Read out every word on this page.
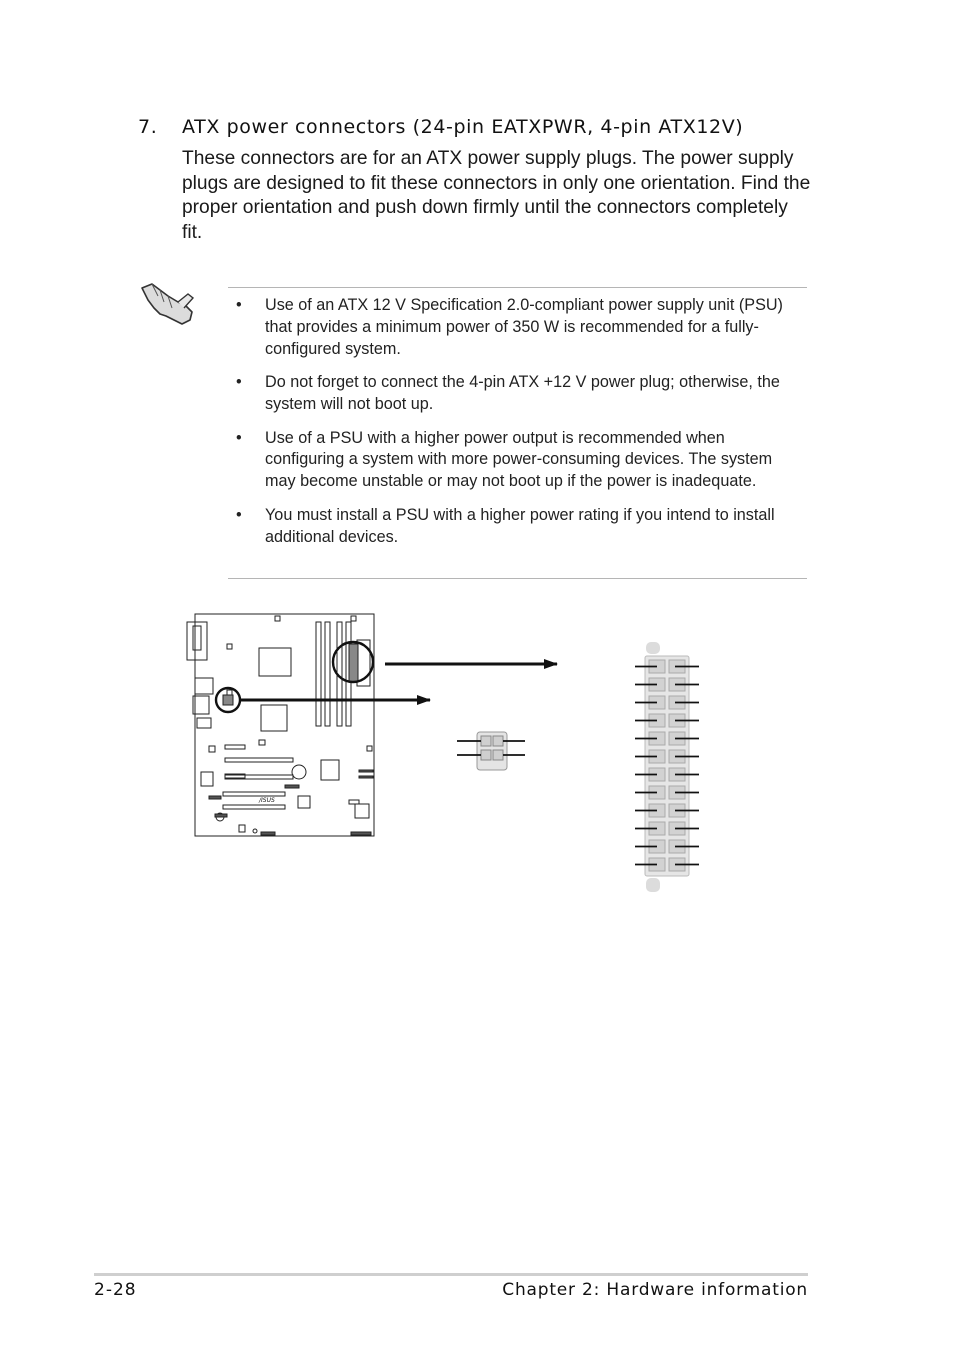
7. ATX power connectors (24-pin EATXPWR, 4-pin ATX12V)
These connectors are for an ATX power supply plugs. The power supply plugs are designed to fit these connectors in only one orientation. Find the proper orientation and push down firmly until the connectors completely fit.
• Use of an ATX 12 V Specification 2.0-compliant power supply unit (PSU) that provides a minimum power of 350 W is recommended for a fully-configured system.
• Do not forget to connect the 4-pin ATX +12 V power plug; otherwise, the system will not boot up.
• Use of a PSU with a higher power output is recommended when configuring a system with more power-consuming devices. The system may become unstable or may not boot up if the power is inadequate.
• You must install a PSU with a higher power rating if you intend to install additional devices.
/ISUS
2-28	Chapter 2: Hardware information
